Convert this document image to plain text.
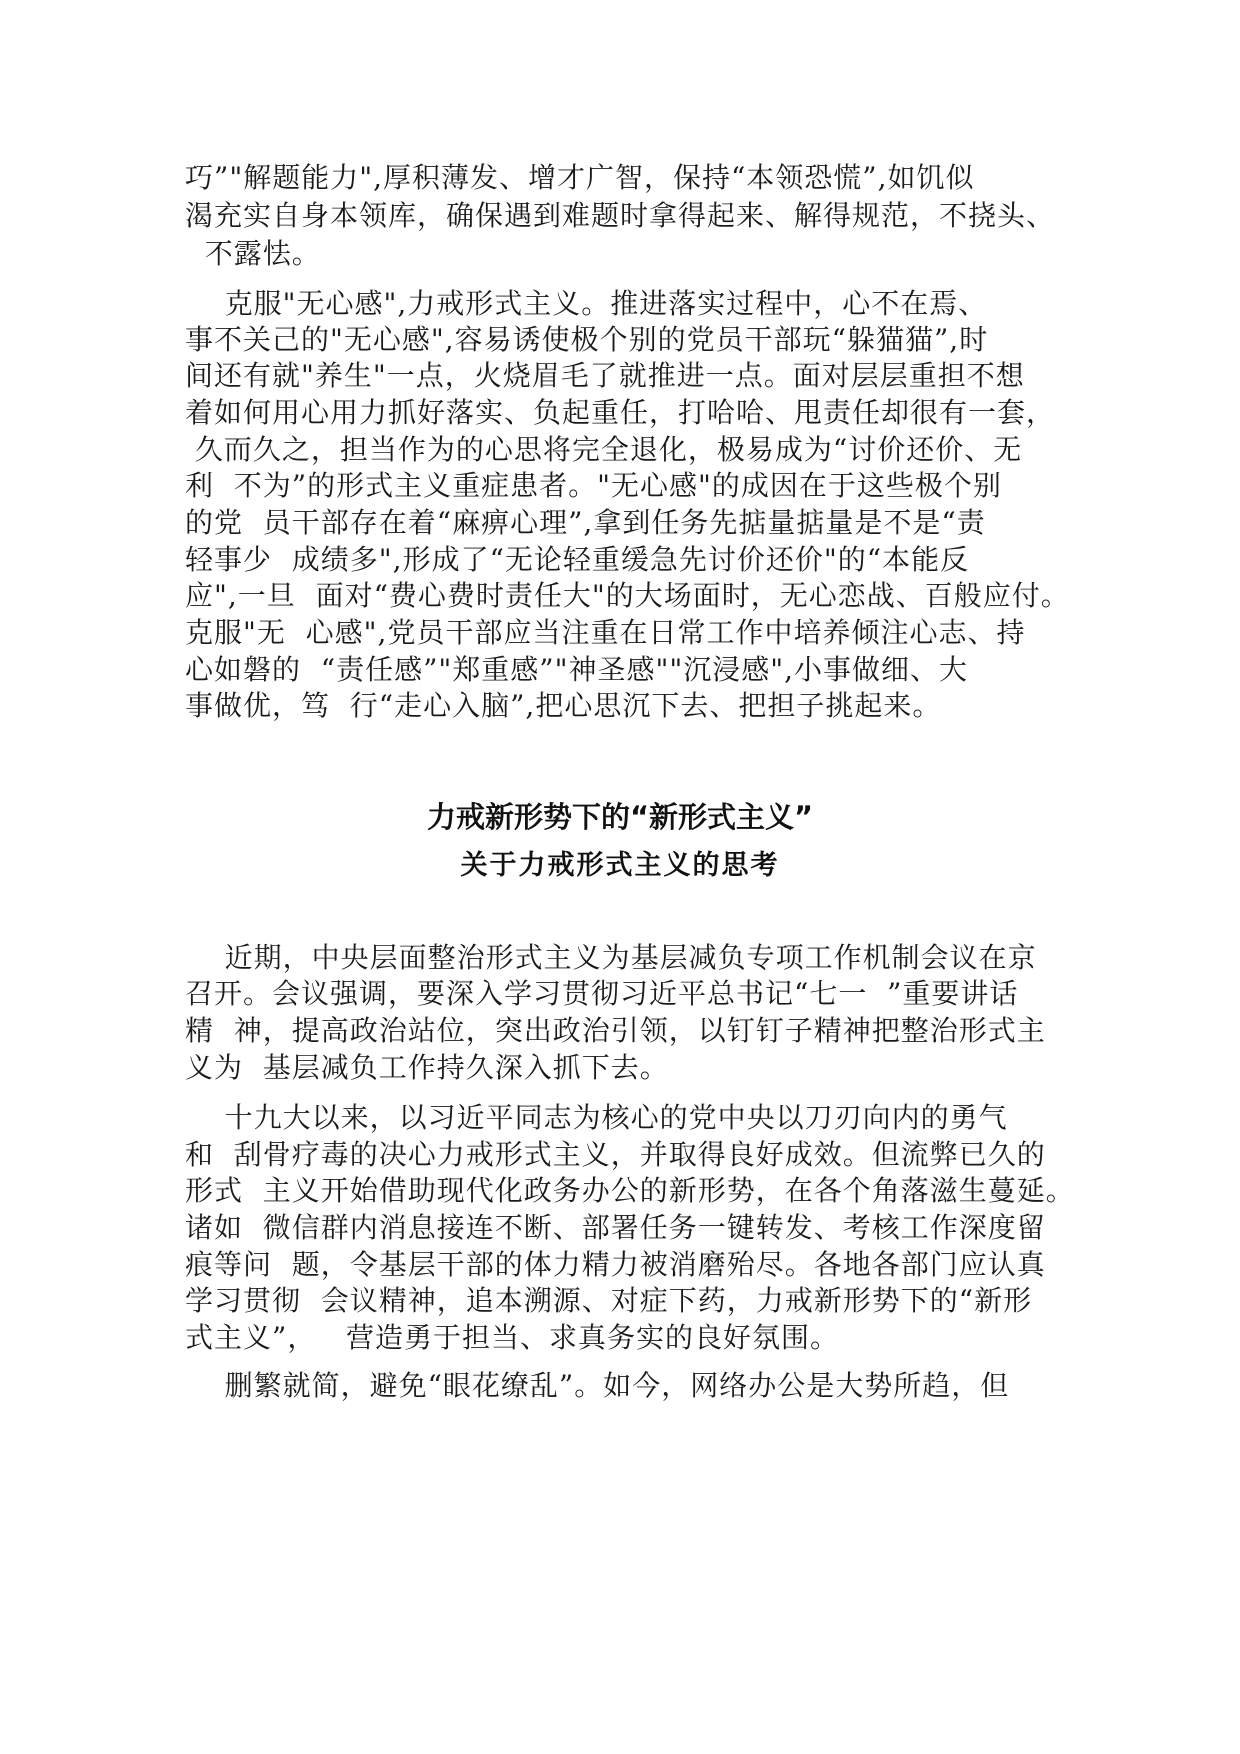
巧”"解题能力",厚积薄发、增才广智，保持“本领恐慌”,如饥似
渴充实自身本领库，确保遇到难题时拿得起来、解得规范，不挠头、
不露怯。
克服"无心感",力戒形式主义。推进落实过程中，心不在焉、
事不关己的"无心感",容易诱使极个别的党员干部玩“躲猫猫”,时
间还有就"养生"一点，火烧眉毛了就推进一点。面对层层重担不想
着如何用心用力抓好落实、负起重任，打哈哈、甩责任却很有一套，
久而久之，担当作为的心思将完全退化，极易成为“讨价还价、无
利  不为”的形式主义重症患者。"无心感"的成因在于这些极个别
的党  员干部存在着“麻痹心理”,拿到任务先掂量掂量是不是“责
轻事少  成绩多",形成了“无论轻重缓急先讨价还价"的“本能反
应",一旦  面对“费心费时责任大"的大场面时，无心恋战、百般应付。
克服"无  心感",党员干部应当注重在日常工作中培养倾注心志、持
心如磐的  “责任感”"郑重感”"神圣感""沉浸感",小事做细、大
事做优，笃  行“走心入脑”,把心思沉下去、把担子挑起来。
力戒新形势下的“新形式主义”
关于力戒形式主义的思考
近期，中央层面整治形式主义为基层减负专项工作机制会议在京
召开。会议强调，要深入学习贯彻习近平总书记“七一  ”重要讲话
精  神，提高政治站位，突出政治引领，以钉钉子精神把整治形式主
义为  基层减负工作持久深入抓下去。
十九大以来，以习近平同志为核心的党中央以刀刃向内的勇气
和  刮骨疗毒的决心力戒形式主义，并取得良好成效。但流弊已久的
形式  主义开始借助现代化政务办公的新形势，在各个角落滋生蔓延。
诸如  微信群内消息接连不断、部署任务一键转发、考核工作深度留
痕等问  题，令基层干部的体力精力被消磨殆尽。各地各部门应认真
学习贯彻  会议精神，追本溯源、对症下药，力戒新形势下的“新形
式主义”，   营造勇于担当、求真务实的良好氛围。
删繁就简，避免“眼花缭乱”。如今，网络办公是大势所趋，但
